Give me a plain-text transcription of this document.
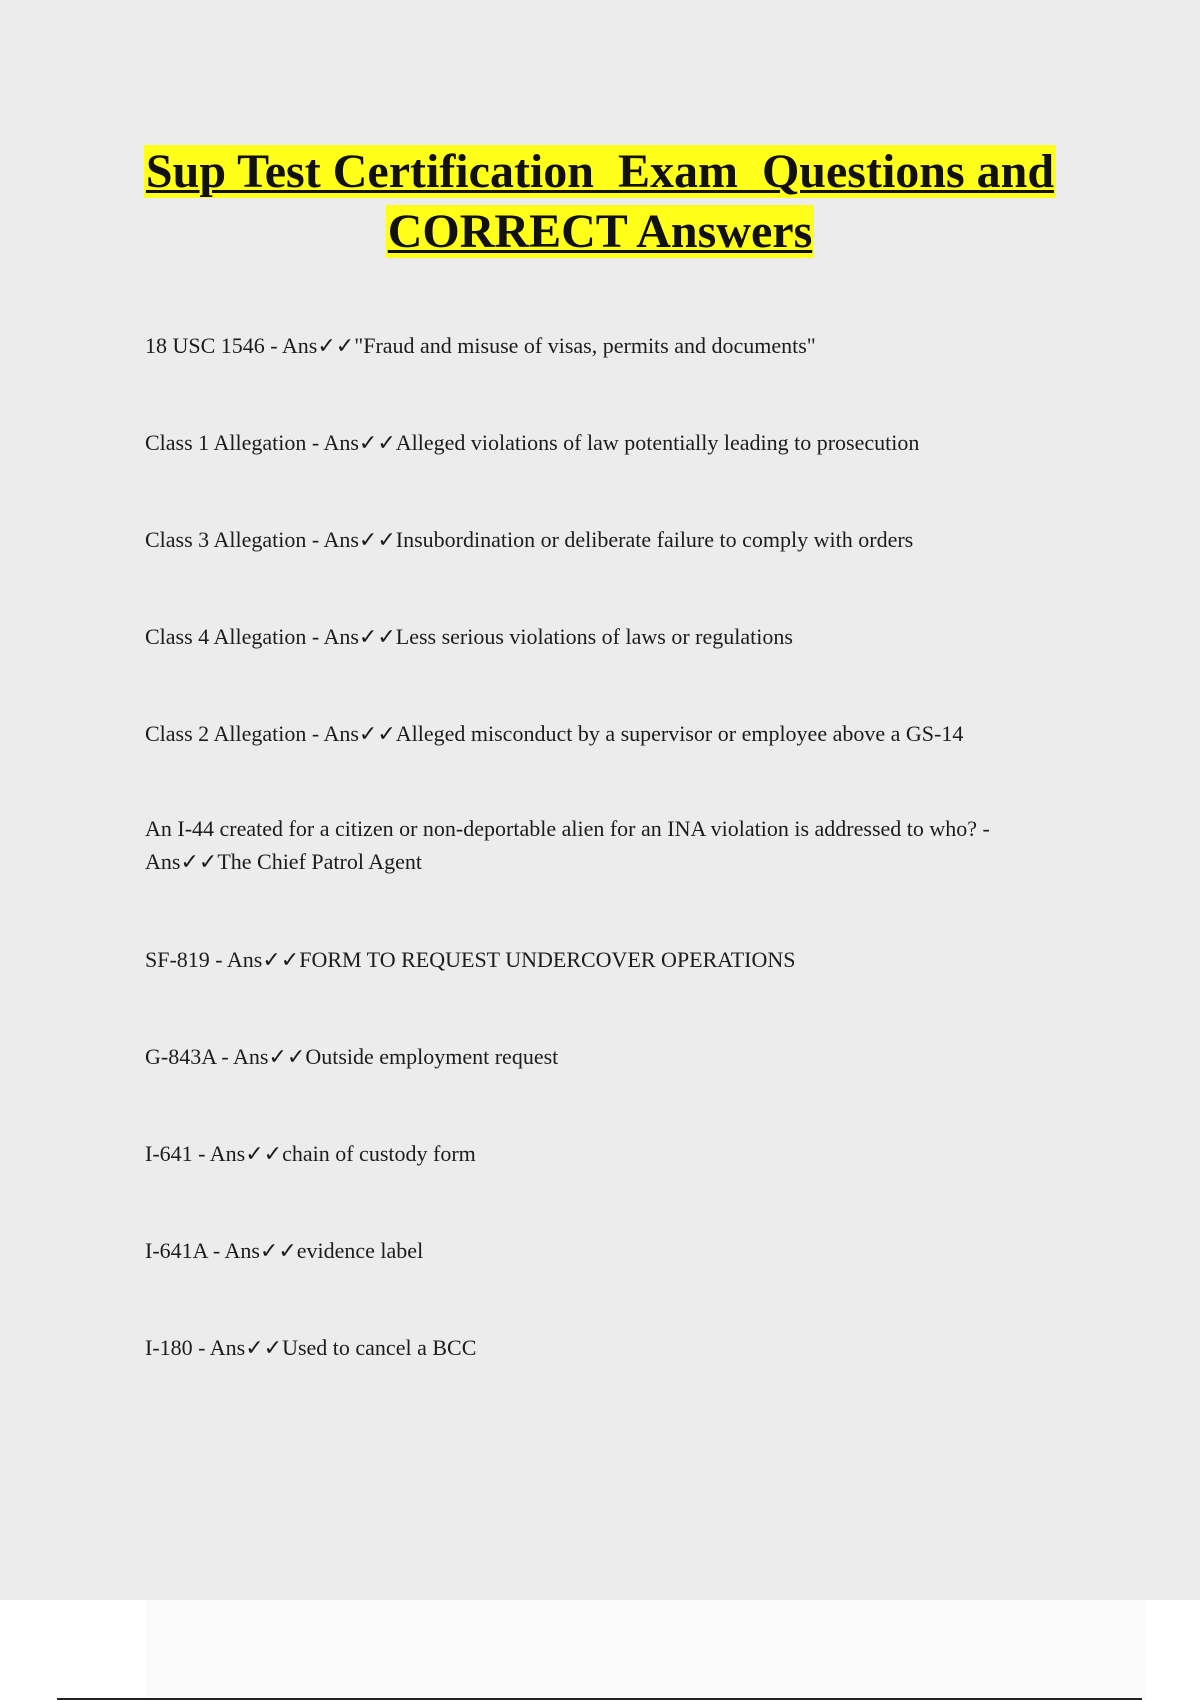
Sup Test Certification  Exam  Questions and
CORRECT Answers
18 USC 1546 - Ans✓✓"Fraud and misuse of visas, permits and documents"
Class 1 Allegation - Ans✓✓Alleged violations of law potentially leading to prosecution
Class 3 Allegation - Ans✓✓Insubordination or deliberate failure to comply with orders
Class 4 Allegation - Ans✓✓Less serious violations of laws or regulations
Class 2 Allegation - Ans✓✓Alleged misconduct by a supervisor or employee above a GS-14
An I-44 created for a citizen or non-deportable alien for an INA violation is addressed to who? - Ans✓✓The Chief Patrol Agent
SF-819 - Ans✓✓FORM TO REQUEST UNDERCOVER OPERATIONS
G-843A - Ans✓✓Outside employment request
I-641 - Ans✓✓chain of custody form
I-641A - Ans✓✓evidence label
I-180 - Ans✓✓Used to cancel a BCC
